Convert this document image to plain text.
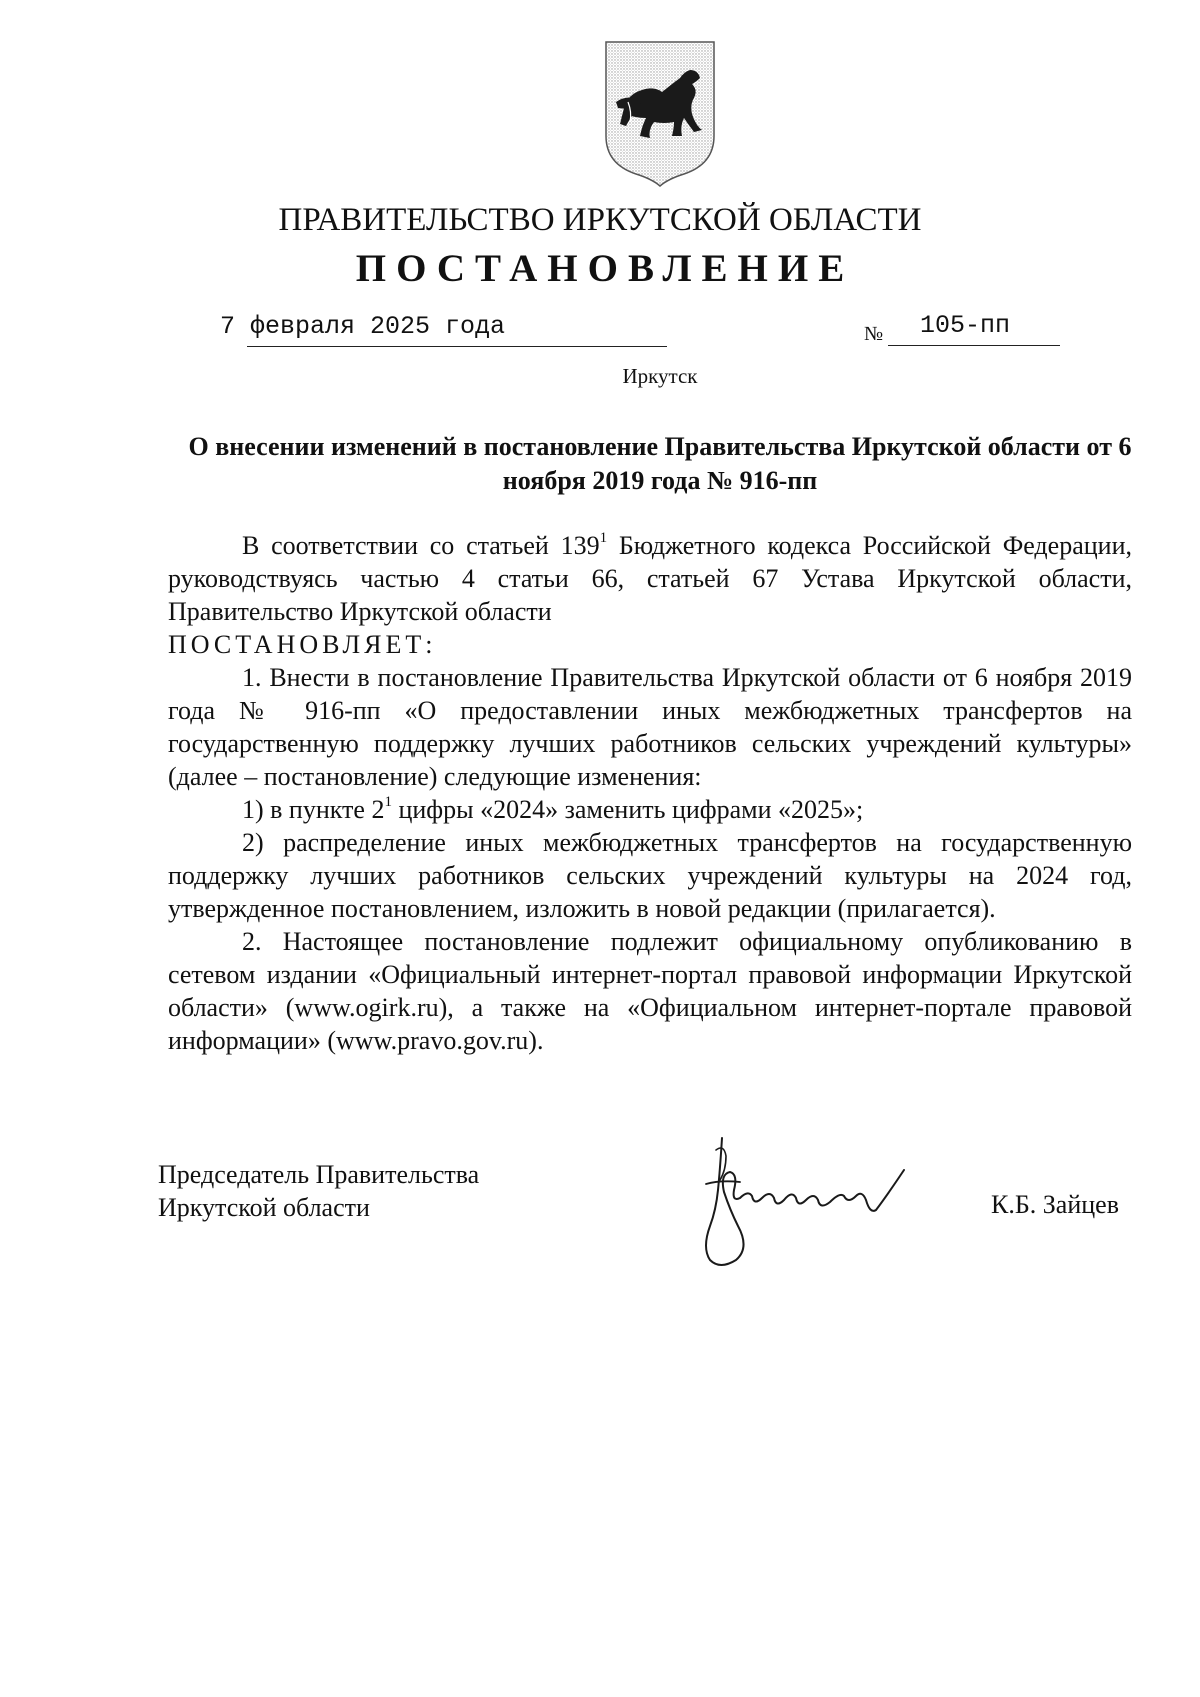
ПРАВИТЕЛЬСТВО ИРКУТСКОЙ ОБЛАСТИ
ПОСТАНОВЛЕНИЕ
7 февраля 2025 года	№ 105-пп
Иркутск
О внесении изменений в постановление Правительства Иркутской области от 6 ноября 2019 года № 916-пп

В соответствии со статьей $139^1$ Бюджетного кодекса Российской Федерации, руководствуясь частью 4 статьи 66, статьей 67 Устава Иркутской области, Правительство Иркутской области

ПОСТАНОВЛЯЕТ:

1. Внести в постановление Правительства Иркутской области от 6 ноября 2019 года № 916-пп «О предоставлении иных межбюджетных трансфертов на государственную поддержку лучших работников сельских учреждений культуры» (далее – постановление) следующие изменения:

1) в пункте $2^1$ цифры «2024» заменить цифрами «2025»;

2) распределение иных межбюджетных трансфертов на государственную поддержку лучших работников сельских учреждений культуры на 2024 год, утвержденное постановлением, изложить в новой редакции (прилагается).

2. Настоящее постановление подлежит официальному опубликованию в сетевом издании «Официальный интернет-портал правовой информации Иркутской области» (www.ogirk.ru), а также на «Официальном интернет-портале правовой информации» (www.pravo.gov.ru).

Председатель Правительства
Иркутской области	К.Б. Зайцев
